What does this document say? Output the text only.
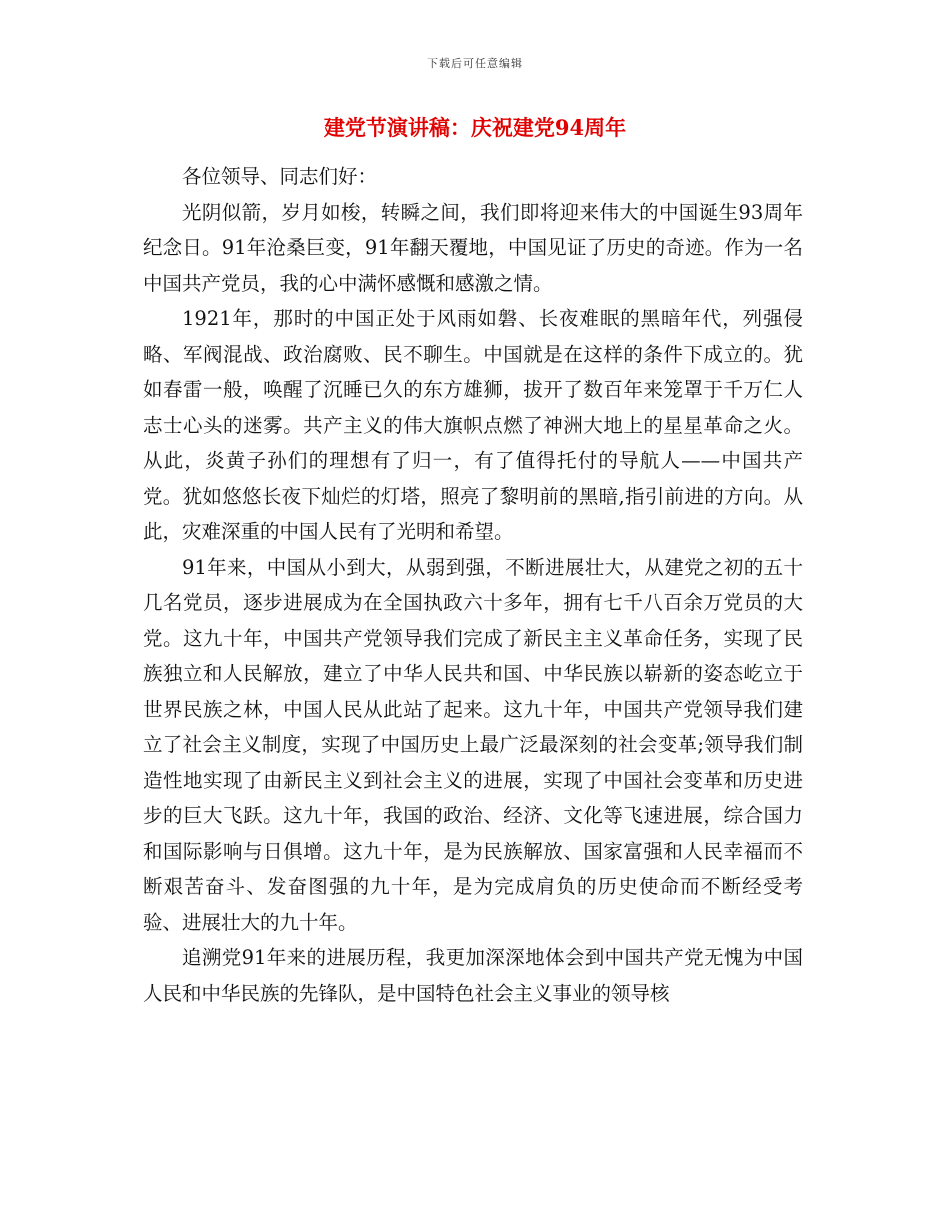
下载后可任意编辑
建党节演讲稿：庆祝建党94周年

各位领导、同志们好：

光阴似箭，岁月如梭，转瞬之间，我们即将迎来伟大的中国诞生93周年纪念日。91年沧桑巨变，91年翻天覆地，中国见证了历史的奇迹。作为一名中国共产党员，我的心中满怀感慨和感激之情。

1921年，那时的中国正处于风雨如磐、长夜难眠的黑暗年代，列强侵略、军阀混战、政治腐败、民不聊生。中国就是在这样的条件下成立的。犹如春雷一般，唤醒了沉睡已久的东方雄狮，拔开了数百年来笼罩于千万仁人志士心头的迷雾。共产主义的伟大旗帜点燃了神洲大地上的星星革命之火。从此，炎黄子孙们的理想有了归一，有了值得托付的导航人——中国共产党。犹如悠悠长夜下灿烂的灯塔，照亮了黎明前的黑暗,指引前进的方向。从此，灾难深重的中国人民有了光明和希望。

91年来，中国从小到大，从弱到强，不断进展壮大，从建党之初的五十几名党员，逐步进展成为在全国执政六十多年，拥有七千八百余万党员的大党。这九十年，中国共产党领导我们完成了新民主主义革命任务，实现了民族独立和人民解放，建立了中华人民共和国、中华民族以崭新的姿态屹立于世界民族之林，中国人民从此站了起来。这九十年，中国共产党领导我们建立了社会主义制度，实现了中国历史上最广泛最深刻的社会变革;领导我们制造性地实现了由新民主义到社会主义的进展，实现了中国社会变革和历史进步的巨大飞跃。这九十年，我国的政治、经济、文化等飞速进展，综合国力和国际影响与日俱增。这九十年，是为民族解放、国家富强和人民幸福而不断艰苦奋斗、发奋图强的九十年，是为完成肩负的历史使命而不断经受考验、进展壮大的九十年。

追溯党91年来的进展历程，我更加深深地体会到中国共产党无愧为中国人民和中华民族的先锋队，是中国特色社会主义事业的领导核
